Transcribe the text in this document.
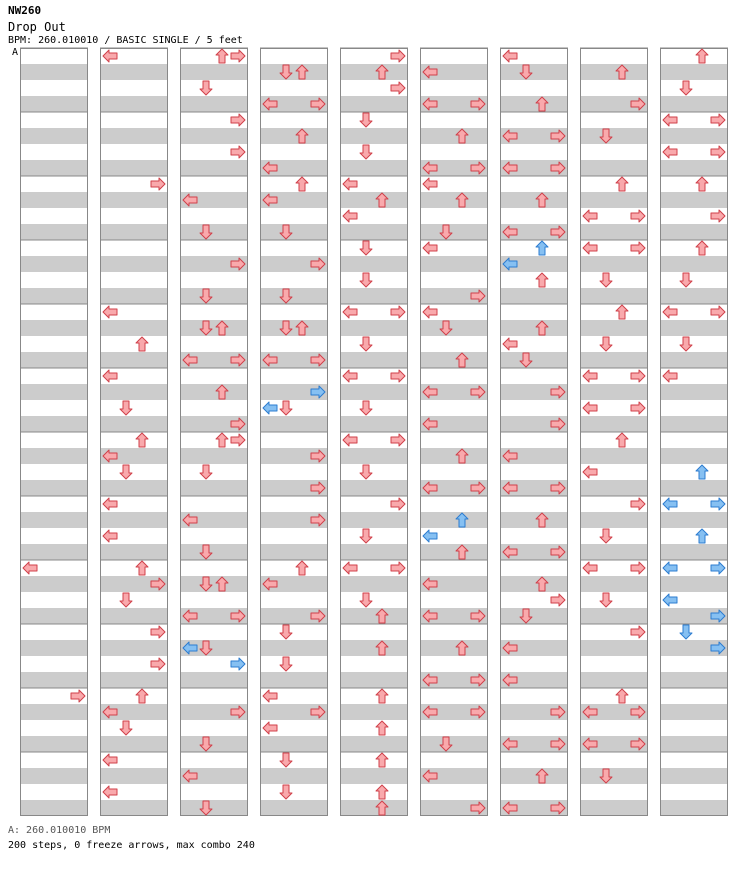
NW260
Drop Out
BPM: 260.010010 / BASIC SINGLE / 5 feet
A
A: 260.010010 BPM
200 steps, 0 freeze arrows, max combo 240
